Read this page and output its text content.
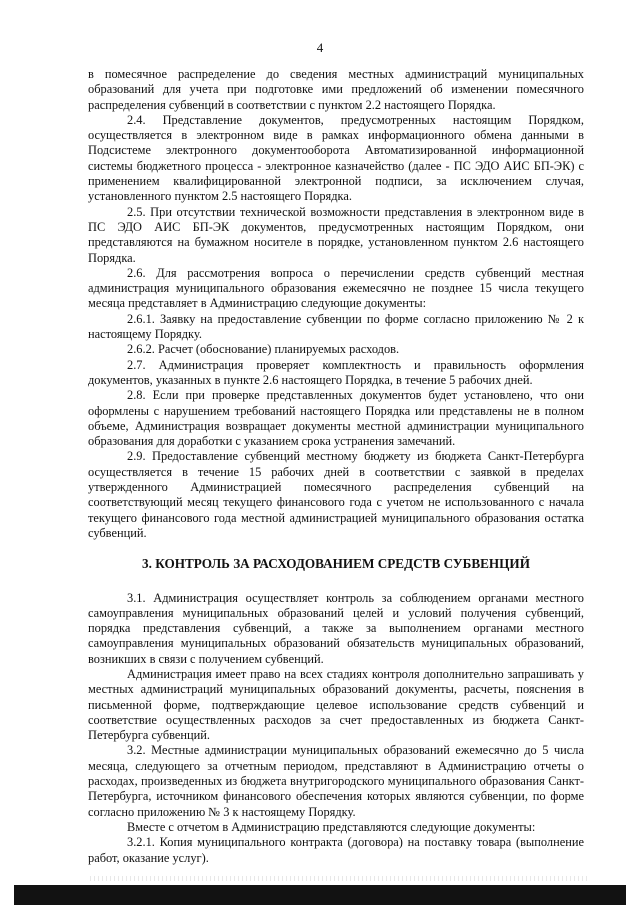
4

в помесячное распределение до сведения местных администраций муниципальных образований для учета при подготовке ими предложений об изменении помесячного распределения субвенций в соответствии с пунктом 2.2 настоящего Порядка.

2.4. Представление документов, предусмотренных настоящим Порядком, осуществляется в электронном виде в рамках информационного обмена данными в Подсистеме электронного документооборота Автоматизированной информационной системы бюджетного процесса - электронное казначейство (далее - ПС ЭДО АИС БП-ЭК) с применением квалифицированной электронной подписи, за исключением случая, установленного пунктом 2.5 настоящего Порядка.

2.5. При отсутствии технической возможности представления в электронном виде в ПС ЭДО АИС БП-ЭК документов, предусмотренных настоящим Порядком, они представляются на бумажном носителе в порядке, установленном пунктом 2.6 настоящего Порядка.

2.6. Для рассмотрения вопроса о перечислении средств субвенций местная администрация муниципального образования ежемесячно не позднее 15 числа текущего месяца представляет в Администрацию следующие документы:

2.6.1. Заявку на предоставление субвенции по форме согласно приложению № 2 к настоящему Порядку.

2.6.2. Расчет (обоснование) планируемых расходов.

2.7. Администрация проверяет комплектность и правильность оформления документов, указанных в пункте 2.6 настоящего Порядка, в течение 5 рабочих дней.

2.8. Если при проверке представленных документов будет установлено, что они оформлены с нарушением требований настоящего Порядка или представлены не в полном объеме, Администрация возвращает документы местной администрации муниципального образования для доработки с указанием срока устранения замечаний.

2.9. Предоставление субвенций местному бюджету из бюджета Санкт-Петербурга осуществляется в течение 15 рабочих дней в соответствии с заявкой в пределах утвержденного Администрацией помесячного распределения субвенций на соответствующий месяц текущего финансового года с учетом не использованного с начала текущего финансового года местной администрацией муниципального образования остатка субвенций.

3. КОНТРОЛЬ ЗА РАСХОДОВАНИЕМ СРЕДСТВ СУБВЕНЦИЙ

3.1. Администрация осуществляет контроль за соблюдением органами местного самоуправления муниципальных образований целей и условий получения субвенций, порядка представления субвенций, а также за выполнением органами местного самоуправления муниципальных образований обязательств муниципальных образований, возникших в связи с получением субвенций.

Администрация имеет право на всех стадиях контроля дополнительно запрашивать у местных администраций муниципальных образований документы, расчеты, пояснения в письменной форме, подтверждающие целевое использование средств субвенций и соответствие осуществленных расходов за счет предоставленных из бюджета Санкт-Петербурга субвенций.

3.2. Местные администрации муниципальных образований ежемесячно до 5 числа месяца, следующего за отчетным периодом, представляют в Администрацию отчеты о расходах, произведенных из бюджета внутригородского муниципального образования Санкт-Петербурга, источником финансового обеспечения которых являются субвенции, по форме согласно приложению № 3 к настоящему Порядку.

Вместе с отчетом в Администрацию представляются следующие документы:

3.2.1. Копия муниципального контракта (договора) на поставку товара (выполнение работ, оказание услуг).
